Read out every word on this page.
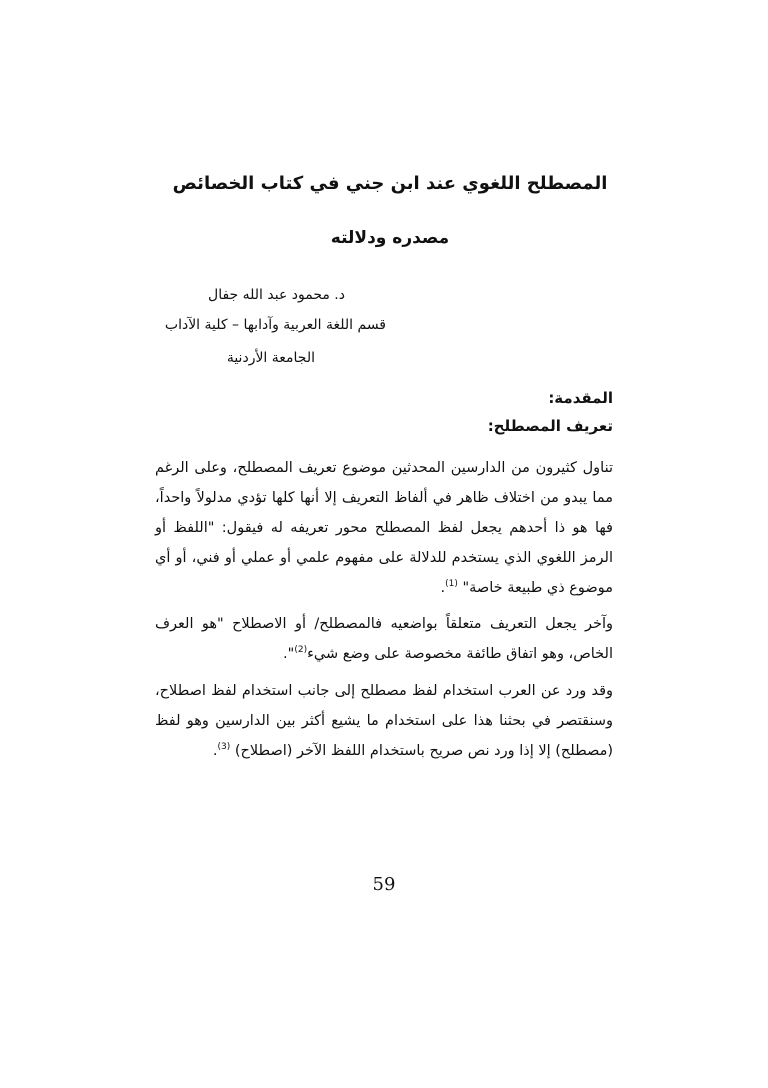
المصطلح اللغوي عند ابن جني في كتاب الخصائص
مصدره ودلالته
د. محمود عبد الله جفال
قسم اللغة العربية وآدابها – كلية الآداب
الجامعة الأردنية
المقدمة:
تعريف المصطلح:

تناول كثيرون من الدارسين المحدثين موضوع تعريف المصطلح، وعلى الرغم مما يبدو من اختلاف ظاهر في ألفاظ التعريف إلا أنها كلها تؤدي مدلولاً واحداً، فها هو ذا أحدهم يجعل لفظ المصطلح محور تعريفه له فيقول: "اللفظ أو الرمز اللغوي الذي يستخدم للدلالة على مفهوم علمي أو عملي أو فني، أو أي موضوع ذي طبيعة خاصة" $^{(1)}$.

وآخر يجعل التعريف متعلقاً بواضعيه فالمصطلح/ أو الاصطلاح "هو العرف الخاص، وهو اتفاق طائفة مخصوصة على وضع شيء$^{(2)}$".

وقد ورد عن العرب استخدام لفظ مصطلح إلى جانب استخدام لفظ اصطلاح، وسنقتصر في بحثنا هذا على استخدام ما يشيع أكثر بين الدارسين وهو لفظ (مصطلح) إلا إذا ورد نص صريح باستخدام اللفظ الآخر (اصطلاح) $^{(3)}$.

59
